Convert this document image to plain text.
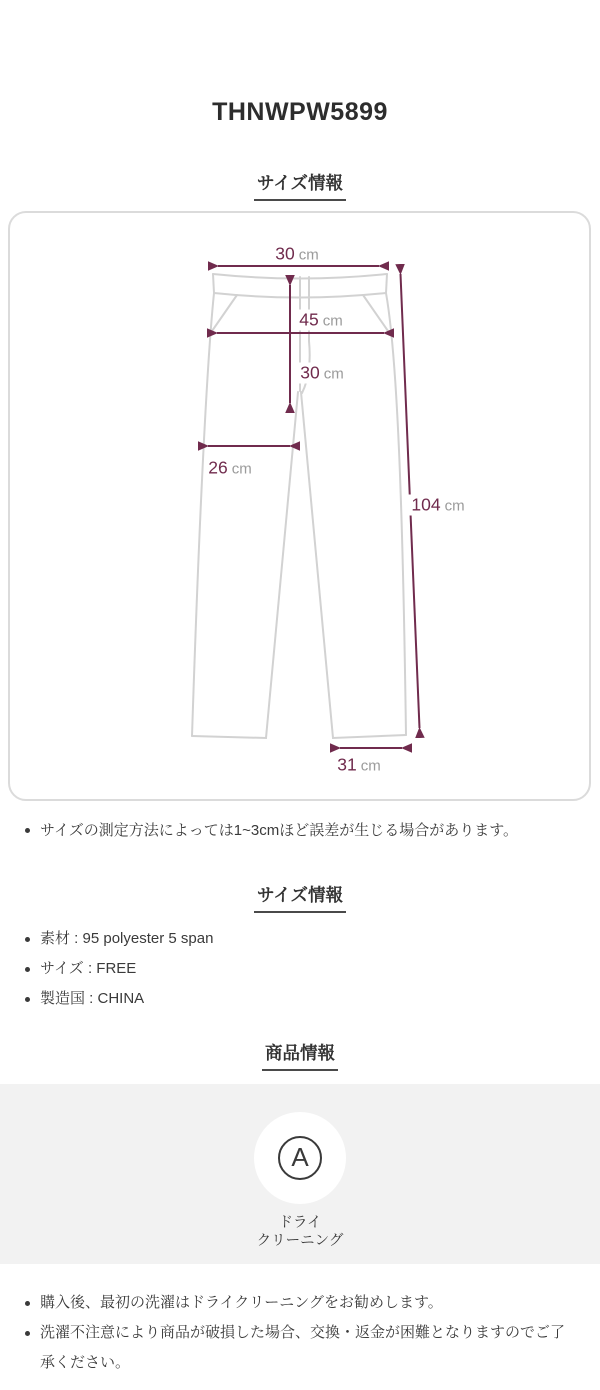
THNWPW5899
サイズ情報
30 cm
45 cm
30 cm
26 cm
104 cm
31 cm
サイズの測定方法によっては1~3cmほど誤差が生じる場合があります。
サイズ情報
素材 : 95 polyester 5 span
サイズ : FREE
製造国 : CHINA
商品情報
A
ドライ
クリーニング
購入後、最初の洗濯はドライクリーニングをお勧めします。
洗濯不注意により商品が破損した場合、交換・返金が困難となりますのでご了承ください。
